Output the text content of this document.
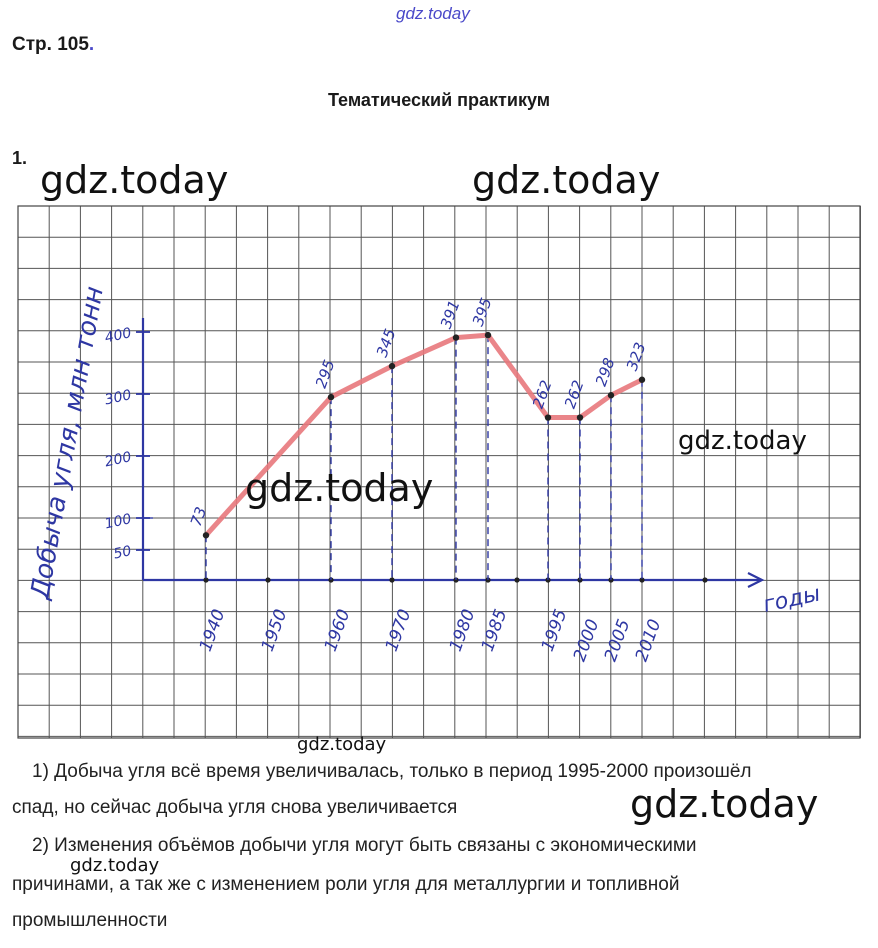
gdz.today
Стр. 105.
Тематический практикум
1.
50
100
200
300
400
Добыча угля, млн тонн
1940 1950 1960 1970 1980
1985 1995
2000
2005
2010
годы
73
295
345
391 395
262 262
298 323
gdz.today	gdz.today
gdz.today
gdz.today
gdz.today
gdz.today
gdz.today
1) Добыча угля всё время увеличивалась, только в период 1995-2000 произошёл
спад, но сейчас добыча угля снова увеличивается
2) Изменения объёмов добычи угля могут быть связаны с экономическими
причинами, а так же с изменением роли угля для металлургии и топливной
промышленности
